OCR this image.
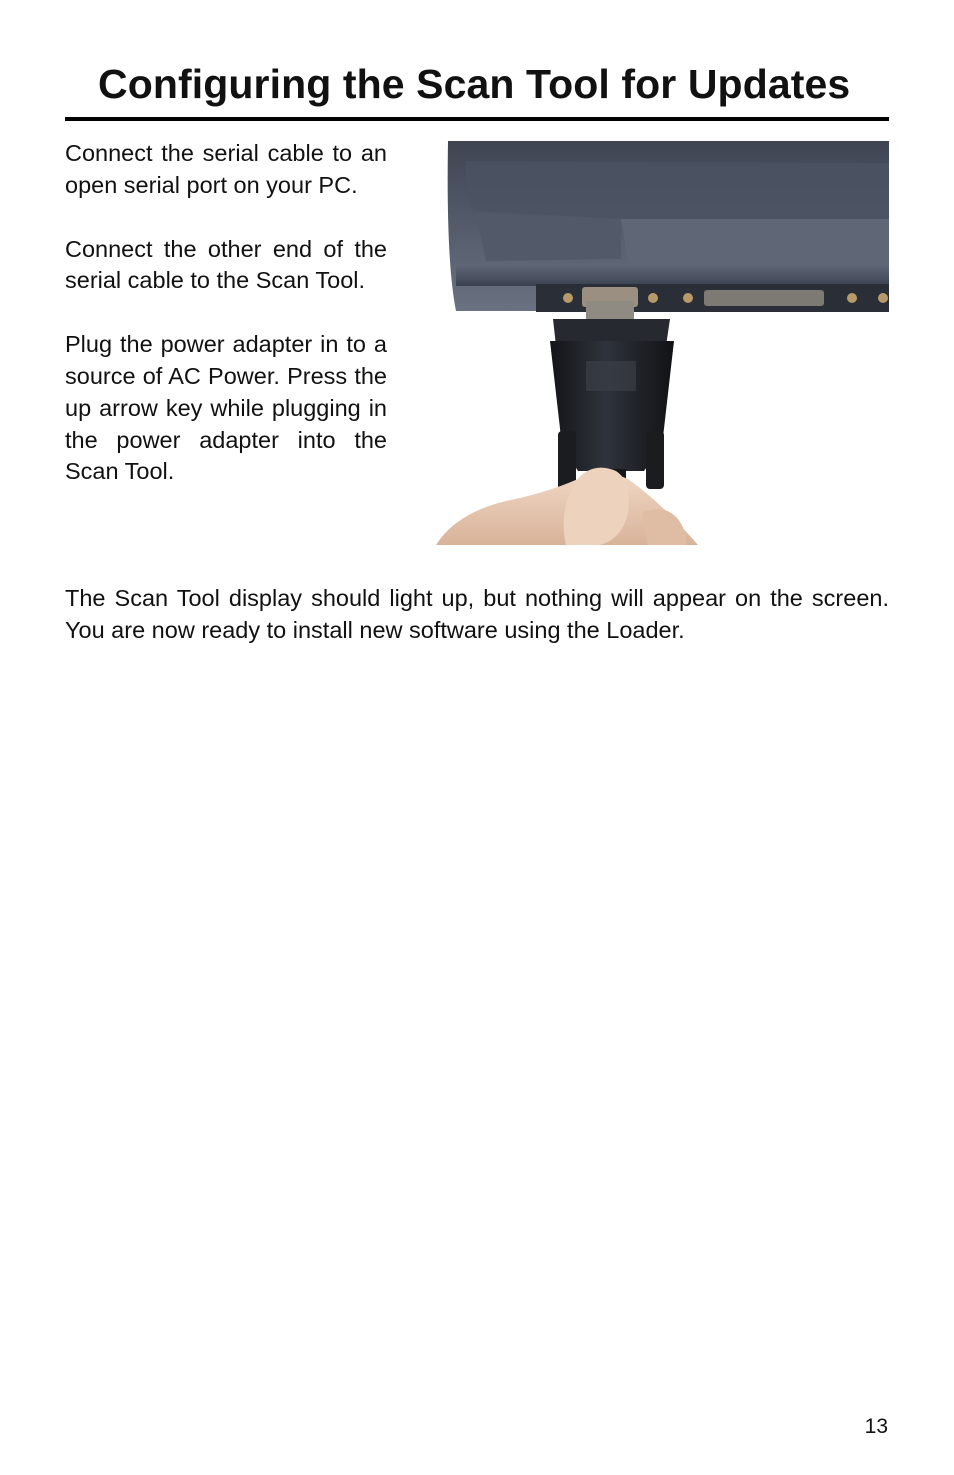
Configuring the Scan Tool for Updates

Connect the serial cable to an open serial port on your PC.

Connect the other end of the serial cable to the Scan Tool.

Plug the power adapter in to a source of AC Power. Press the up arrow key while plugging in the power adapter into the Scan Tool.

The Scan Tool display should light up, but nothing will appear on the screen. You are now ready to install new software using the Loader.

13
